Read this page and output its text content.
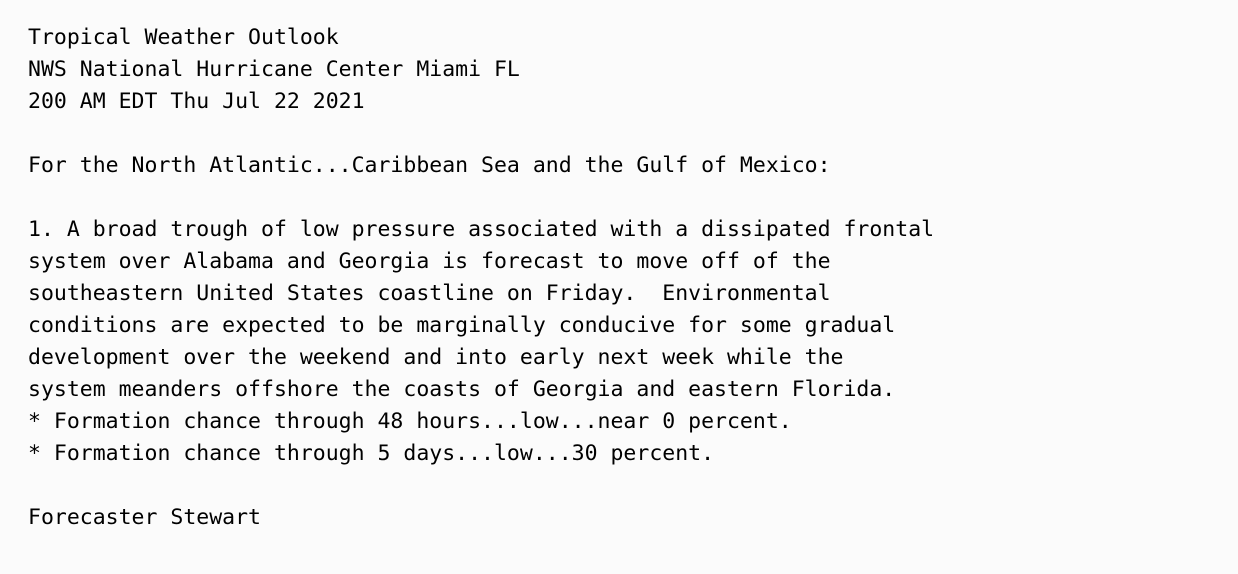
Tropical Weather Outlook
NWS National Hurricane Center Miami FL
200 AM EDT Thu Jul 22 2021
For the North Atlantic...Caribbean Sea and the Gulf of Mexico:
1. A broad trough of low pressure associated with a dissipated frontal
system over Alabama and Georgia is forecast to move off of the
southeastern United States coastline on Friday.  Environmental
conditions are expected to be marginally conducive for some gradual
development over the weekend and into early next week while the
system meanders offshore the coasts of Georgia and eastern Florida.
* Formation chance through 48 hours...low...near 0 percent.
* Formation chance through 5 days...low...30 percent.
Forecaster Stewart
